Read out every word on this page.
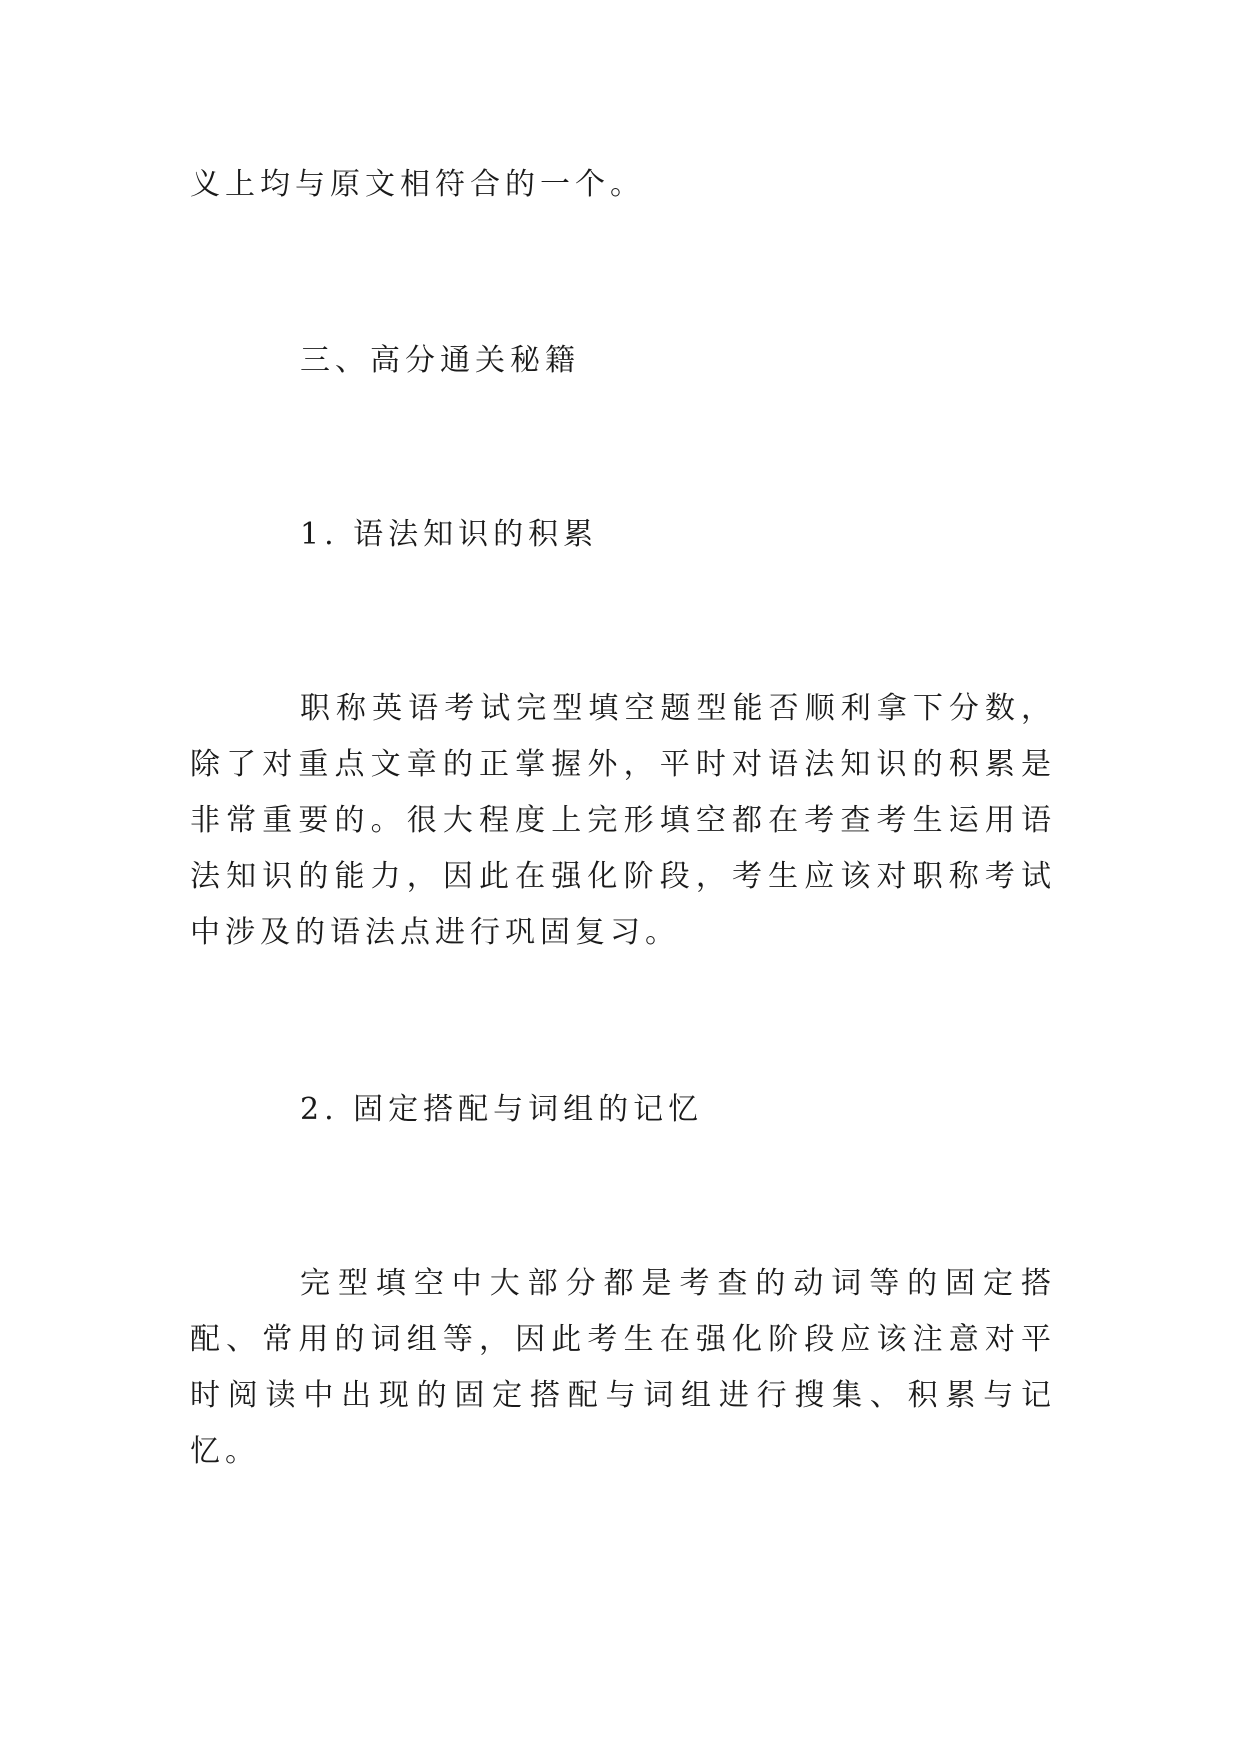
义上均与原文相符合的一个。
三、高分通关秘籍
1. 语法知识的积累
职称英语考试完型填空题型能否顺利拿下分数，除了对重点文章的正掌握外，平时对语法知识的积累是非常重要的。很大程度上完形填空都在考查考生运用语法知识的能力，因此在强化阶段，考生应该对职称考试中涉及的语法点进行巩固复习。
2. 固定搭配与词组的记忆
完型填空中大部分都是考查的动词等的固定搭配、常用的词组等，因此考生在强化阶段应该注意对平时阅读中出现的固定搭配与词组进行搜集、积累与记忆。
